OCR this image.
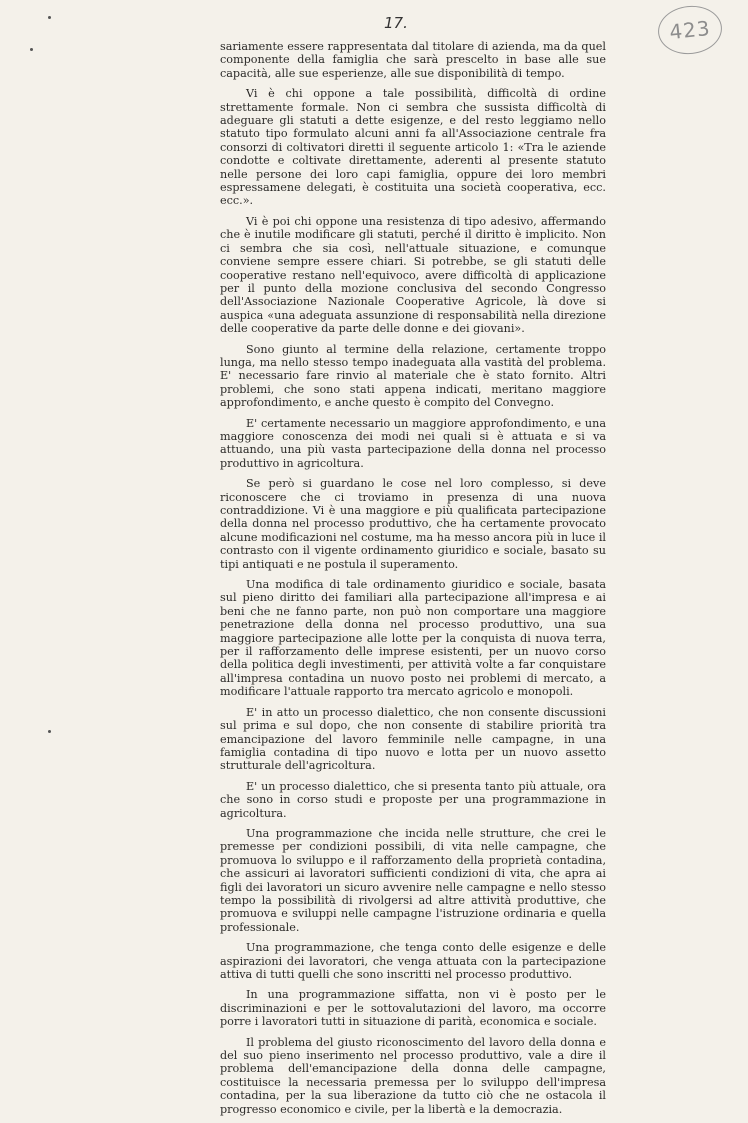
17.	423

sariamente essere rappresentata dal titolare di azienda, ma da quel componente della famiglia che sarà prescelto in base alle sue capacità, alle sue esperienze, alle sue disponibilità di tempo.

Vi è chi oppone a tale possibilità, difficoltà di ordine strettamente formale. Non ci sembra che sussista difficoltà di adeguare gli statuti a dette esigenze, e del resto leggiamo nello statuto tipo formulato alcuni anni fa all'Associazione centrale fra consorzi di coltivatori diretti il seguente articolo 1: «Tra le aziende condotte e coltivate direttamente, aderenti al presente statuto nelle persone dei loro capi famiglia, oppure dei loro membri espressamene delegati, è costituita una società cooperativa, ecc. ecc.».

Vi è poi chi oppone una resistenza di tipo adesivo, affermando che è inutile modificare gli statuti, perché il diritto è implicito. Non ci sembra che sia così, nell'attuale situazione, e comunque conviene sempre essere chiari. Si potrebbe, se gli statuti delle cooperative restano nell'equivoco, avere difficoltà di applicazione per il punto della mozione conclusiva del secondo Congresso dell'Associazione Nazionale Cooperative Agricole, là dove si auspica «una adeguata assunzione di responsabilità nella direzione delle cooperative da parte delle donne e dei giovani».

Sono giunto al termine della relazione, certamente troppo lunga, ma nello stesso tempo inadeguata alla vastità del problema. E' necessario fare rinvio al materiale che è stato fornito. Altri problemi, che sono stati appena indicati, meritano maggiore approfondimento, e anche questo è compito del Convegno.

E' certamente necessario un maggiore approfondimento, e una maggiore conoscenza dei modi nei quali si è attuata e si va attuando, una più vasta partecipazione della donna nel processo produttivo in agricoltura.

Se però si guardano le cose nel loro complesso, si deve riconoscere che ci troviamo in presenza di una nuova contraddizione. Vi è una maggiore e più qualificata partecipazione della donna nel processo produttivo, che ha certamente provocato alcune modificazioni nel costume, ma ha messo ancora più in luce il contrasto con il vigente ordinamento giuridico e sociale, basato su tipi antiquati e ne postula il superamento.

Una modifica di tale ordinamento giuridico e sociale, basata sul pieno diritto dei familiari alla partecipazione all'impresa e ai beni che ne fanno parte, non può non comportare una maggiore penetrazione della donna nel processo produttivo, una sua maggiore partecipazione alle lotte per la conquista di nuova terra, per il rafforzamento delle imprese esistenti, per un nuovo corso della politica degli investimenti, per attività volte a far conquistare all'impresa contadina un nuovo posto nei problemi di mercato, a modificare l'attuale rapporto tra mercato agricolo e monopoli.

E' in atto un processo dialettico, che non consente discussioni sul prima e sul dopo, che non consente di stabilire priorità tra emancipazione del lavoro femminile nelle campagne, in una famiglia contadina di tipo nuovo e lotta per un nuovo assetto strutturale dell'agricoltura.

E' un processo dialettico, che si presenta tanto più attuale, ora che sono in corso studi e proposte per una programmazione in agricoltura.

Una programmazione che incida nelle strutture, che crei le premesse per condizioni possibili, di vita nelle campagne, che promuova lo sviluppo e il rafforzamento della proprietà contadina, che assicuri ai lavoratori sufficienti condizioni di vita, che apra ai figli dei lavoratori un sicuro avvenire nelle campagne e nello stesso tempo la possibilità di rivolgersi ad altre attività produttive, che promuova e sviluppi nelle campagne l'istruzione ordinaria e quella professionale.

Una programmazione, che tenga conto delle esigenze e delle aspirazioni dei lavoratori, che venga attuata con la partecipazione attiva di tutti quelli che sono inscritti nel processo produttivo.

In una programmazione siffatta, non vi è posto per le discriminazioni e per le sottovalutazioni del lavoro, ma occorre porre i lavoratori tutti in situazione di parità, economica e sociale.

Il problema del giusto riconoscimento del lavoro della donna e del suo pieno inserimento nel processo produttivo, vale a dire il problema dell'emancipazione della donna delle campagne, costituisce la necessaria premessa per lo sviluppo dell'impresa contadina, per la sua liberazione da tutto ciò che ne ostacola il progresso economico e civile, per la libertà e la democrazia.
